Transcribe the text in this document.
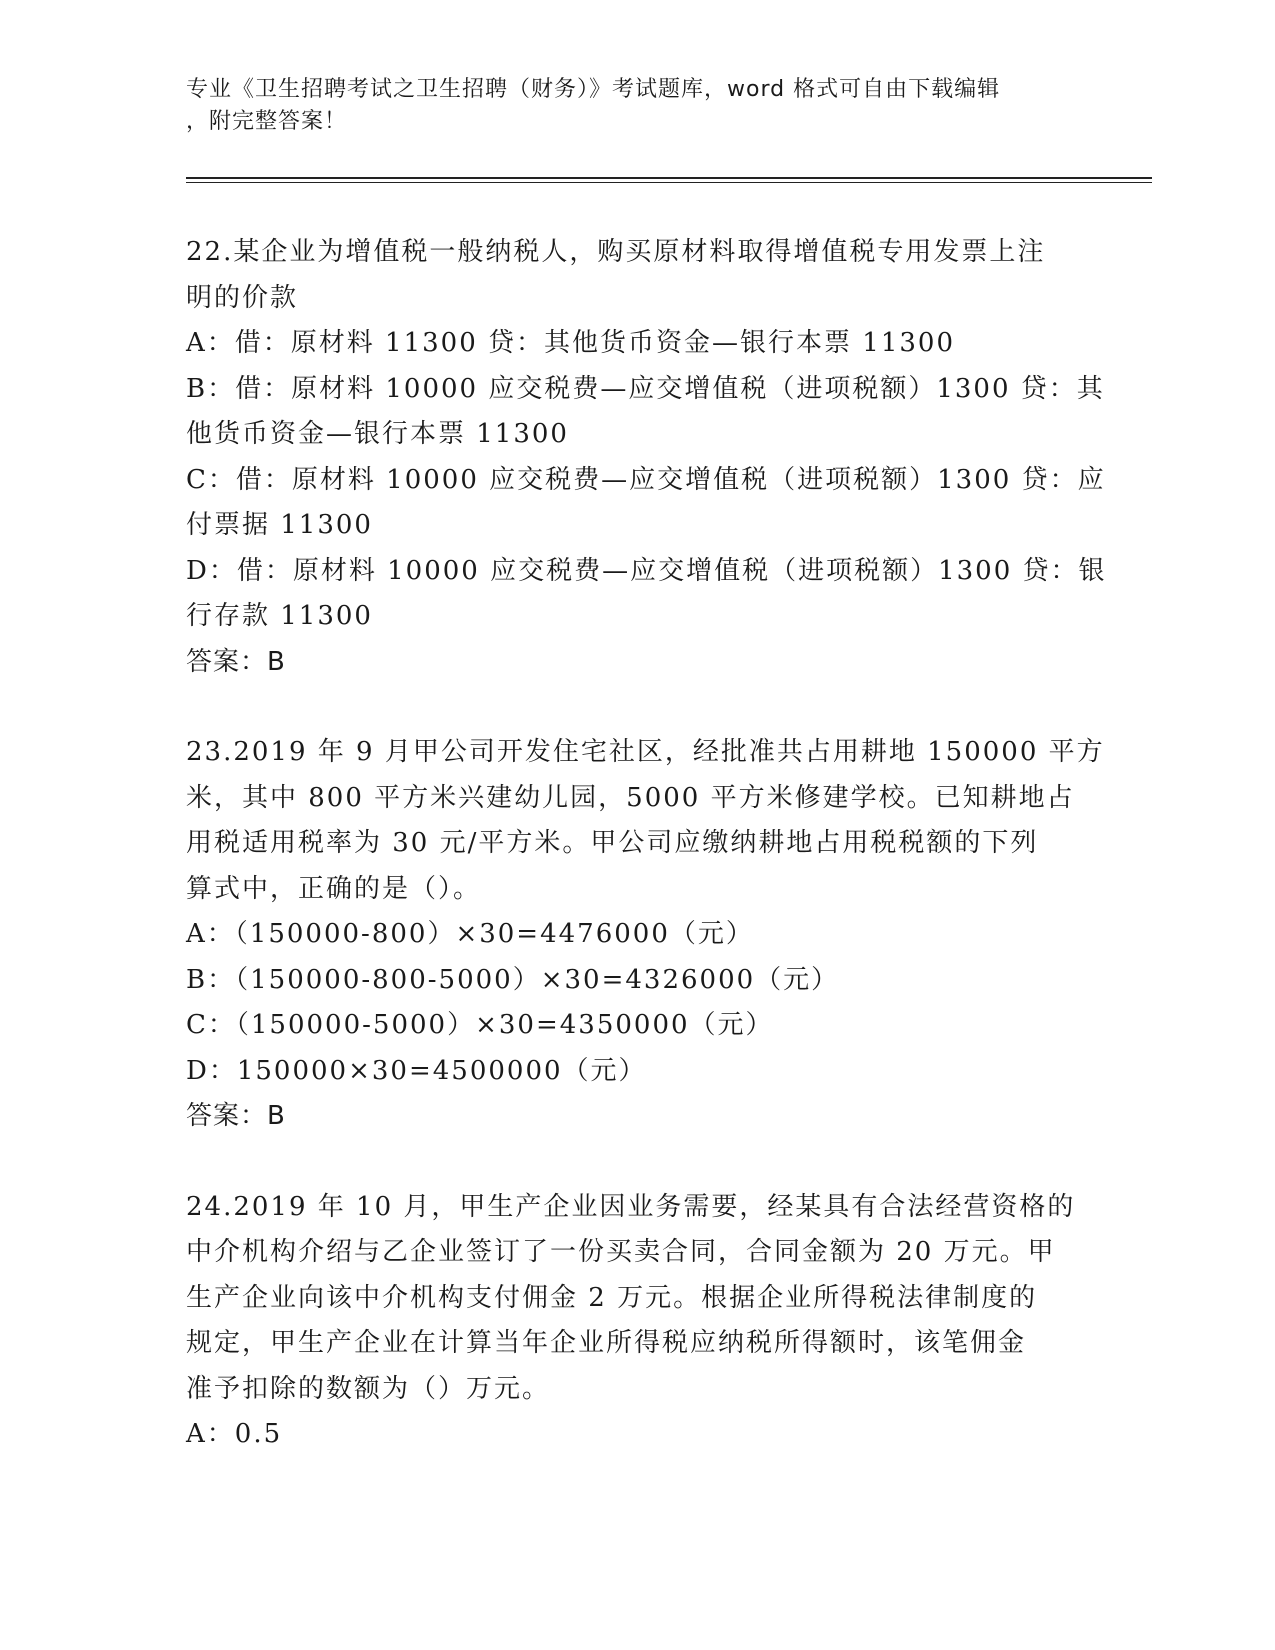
专业《卫生招聘考试之卫生招聘（财务）》考试题库，word 格式可自由下载编辑
，附完整答案！
22.某企业为增值税一般纳税人，购买原材料取得增值税专用发票上注
明的价款
A：借：原材料 11300 贷：其他货币资金—银行本票 11300
B：借：原材料 10000 应交税费—应交增值税（进项税额）1300 贷：其
他货币资金—银行本票 11300
C：借：原材料 10000 应交税费—应交增值税（进项税额）1300 贷：应
付票据 11300
D：借：原材料 10000 应交税费—应交增值税（进项税额）1300 贷：银
行存款 11300
答案：B
23.2019 年 9 月甲公司开发住宅社区，经批准共占用耕地 150000 平方
米，其中 800 平方米兴建幼儿园，5000 平方米修建学校。已知耕地占
用税适用税率为 30 元/平方米。甲公司应缴纳耕地占用税税额的下列
算式中，正确的是（）。
A：（150000-800）×30=4476000（元）
B：（150000-800-5000）×30=4326000（元）
C：（150000-5000）×30=4350000（元）
D：150000×30=4500000（元）
答案：B
24.2019 年 10 月，甲生产企业因业务需要，经某具有合法经营资格的
中介机构介绍与乙企业签订了一份买卖合同，合同金额为 20 万元。甲
生产企业向该中介机构支付佣金 2 万元。根据企业所得税法律制度的
规定，甲生产企业在计算当年企业所得税应纳税所得额时，该笔佣金
准予扣除的数额为（）万元。
A：0.5
